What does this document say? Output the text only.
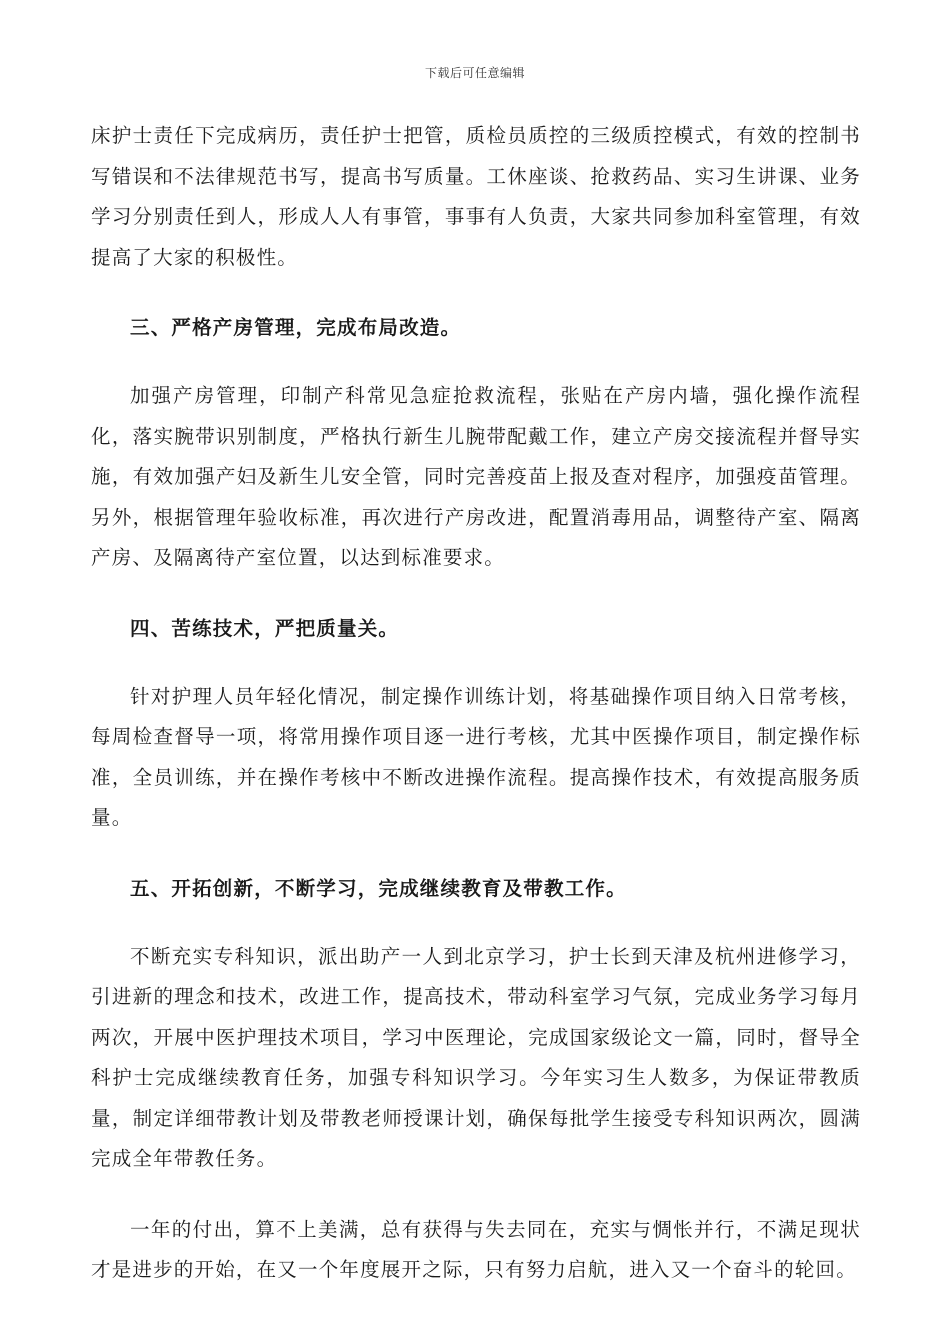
下载后可任意编辑

床护士责任下完成病历，责任护士把管，质检员质控的三级质控模式，有效的控制书写错误和不法律规范书写，提高书写质量。工休座谈、抢救药品、实习生讲课、业务学习分别责任到人，形成人人有事管，事事有人负责，大家共同参加科室管理，有效提高了大家的积极性。

三、严格产房管理，完成布局改造。

加强产房管理，印制产科常见急症抢救流程，张贴在产房内墙，强化操作流程化，落实腕带识别制度，严格执行新生儿腕带配戴工作，建立产房交接流程并督导实施，有效加强产妇及新生儿安全管，同时完善疫苗上报及查对程序，加强疫苗管理。另外，根据管理年验收标准，再次进行产房改进，配置消毒用品，调整待产室、隔离产房、及隔离待产室位置，以达到标准要求。

四、苦练技术，严把质量关。

针对护理人员年轻化情况，制定操作训练计划，将基础操作项目纳入日常考核，每周检查督导一项，将常用操作项目逐一进行考核，尤其中医操作项目，制定操作标准，全员训练，并在操作考核中不断改进操作流程。提高操作技术，有效提高服务质量。

五、开拓创新，不断学习，完成继续教育及带教工作。

不断充实专科知识，派出助产一人到北京学习，护士长到天津及杭州进修学习，引进新的理念和技术，改进工作，提高技术，带动科室学习气氛，完成业务学习每月两次，开展中医护理技术项目，学习中医理论，完成国家级论文一篇，同时，督导全科护士完成继续教育任务，加强专科知识学习。今年实习生人数多，为保证带教质量，制定详细带教计划及带教老师授课计划，确保每批学生接受专科知识两次，圆满完成全年带教任务。

一年的付出，算不上美满，总有获得与失去同在，充实与惆怅并行，不满足现状才是进步的开始，在又一个年度展开之际，只有努力启航，进入又一个奋斗的轮回。
